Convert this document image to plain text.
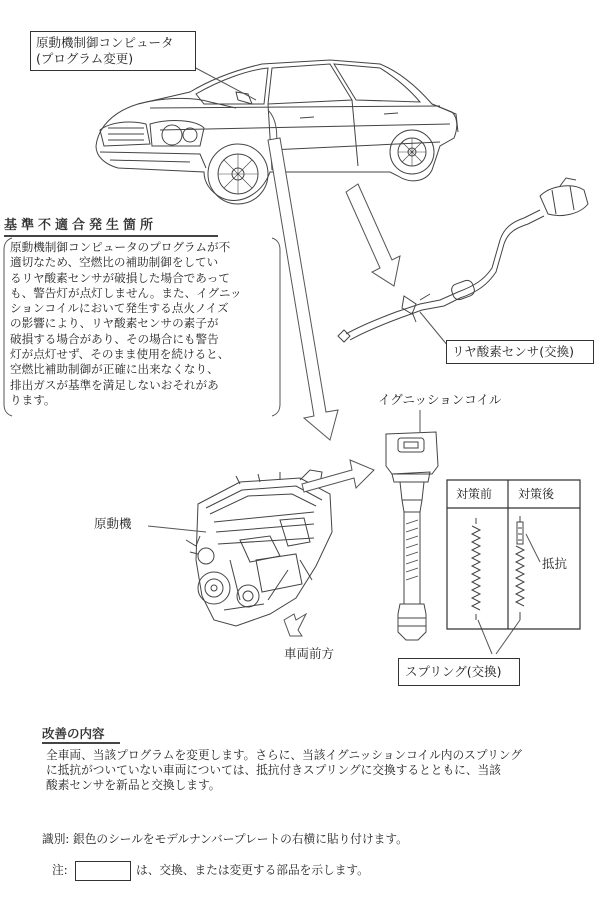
原動機制御コンピュータ
(プログラム変更)
基準不適合発生箇所
原動機制御コンピュータのプログラムが不
適切なため、空燃比の補助制御をしてい
るリヤ酸素センサが破損した場合であって
も、警告灯が点灯しません。また、イグニッ
ションコイルにおいて発生する点火ノイズ
の影響により、リヤ酸素センサの素子が
破損する場合があり、その場合にも警告
灯が点灯せず、そのまま使用を続けると、
空燃比補助制御が正確に出来なくなり、
排出ガスが基準を満足しないおそれがあ
ります。
リヤ酸素センサ(交換)
イグニッションコイル
対策前 対策後
抵抗
原動機
車両前方
スプリング(交換)
改善の内容
全車両、当該プログラムを変更します。さらに、当該イグニッションコイル内のスプリング
に抵抗がついていない車両については、抵抗付きスプリングに交換するとともに、当該
酸素センサを新品と交換します。
識別: 銀色のシールをモデルナンバープレートの右横に貼り付けます。
注:	は、交換、または変更する部品を示します。
